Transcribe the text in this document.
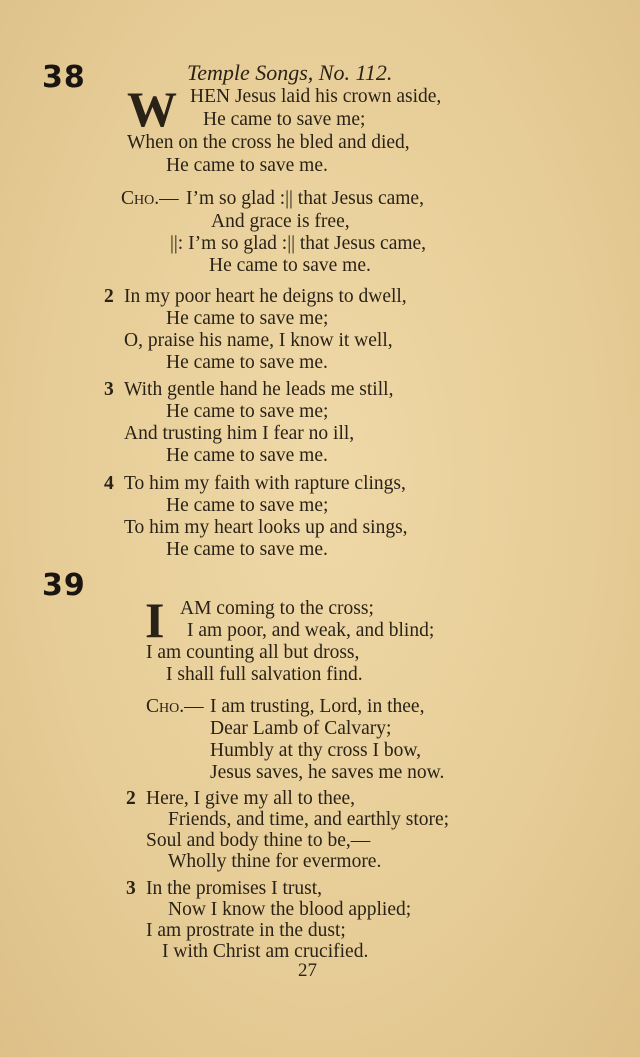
38	Temple Songs, No. 112.
W HEN Jesus laid his crown aside,
He came to save me;
When on the cross he bled and died,
He came to save me.
Cho.— I’m so glad :|| that Jesus came,
And grace is free,
||: I’m so glad :|| that Jesus came,
He came to save me.
2 In my poor heart he deigns to dwell,
He came to save me;
O, praise his name, I know it well,
He came to save me.
3 With gentle hand he leads me still,
He came to save me;
And trusting him I fear no ill,
He came to save me.
4 To him my faith with rapture clings,
He came to save me;
To him my heart looks up and sings,
He came to save me.
39
I AM coming to the cross;
I am poor, and weak, and blind;
I am counting all but dross,
I shall full salvation find.
Cho.— I am trusting, Lord, in thee,
Dear Lamb of Calvary;
Humbly at thy cross I bow,
Jesus saves, he saves me now.
2 Here, I give my all to thee,
Friends, and time, and earthly store;
Soul and body thine to be,—
Wholly thine for evermore.
3 In the promises I trust,
Now I know the blood applied;
I am prostrate in the dust;
I with Christ am crucified.
27
